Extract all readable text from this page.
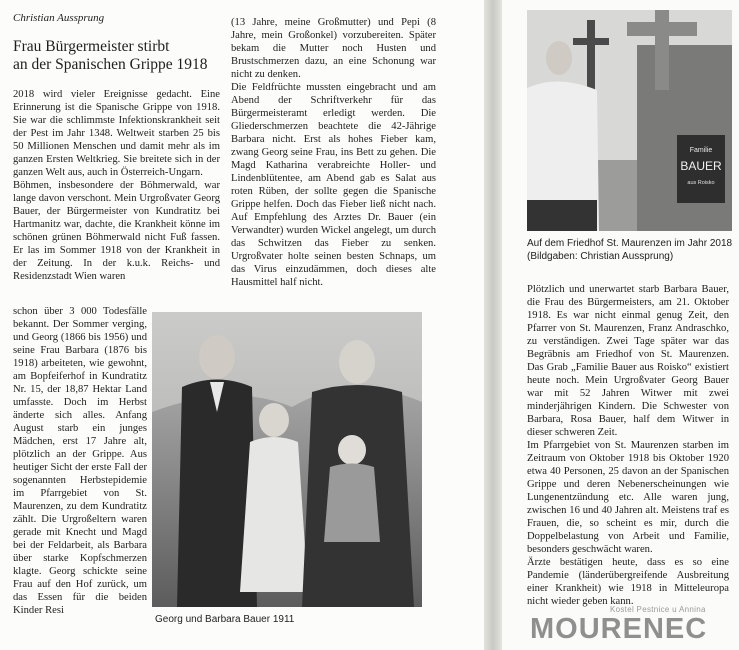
Christian Aussprung
Frau Bürgermeister stirbt
an der Spanischen Grippe 1918

2018 wird vieler Ereignisse gedacht. Eine Erinnerung ist die Spanische Grippe von 1918. Sie war die schlimmste Infektionskrankheit seit der Pest im Jahr 1348. Weltweit starben 25 bis 50 Millionen Menschen und damit mehr als im ganzen Ersten Weltkrieg. Sie breitete sich in der ganzen Welt aus, auch in Österreich-Ungarn.

Böhmen, insbesondere der Böhmerwald, war lange davon verschont. Mein Urgroßvater Georg Bauer, der Bürgermeister von Kundratitz bei Hartmanitz war, dachte, die Krankheit könne im schönen grünen Böhmerwald nicht Fuß fassen. Er las im Sommer 1918 von der Krankheit in der Zeitung. In der k.u.k. Reichs- und Residenzstadt Wien waren

schon über 3 000 Todesfälle bekannt. Der Sommer verging, und Georg (1866 bis 1956) und seine Frau Barbara (1876 bis 1918) arbeiteten, wie gewohnt, am Bopfeiferhof in Kundratitz Nr. 15, der 18,87 Hektar Land umfasste. Doch im Herbst änderte sich alles. Anfang August starb ein junges Mädchen, erst 17 Jahre alt, plötzlich an der Grippe. Aus heutiger Sicht der erste Fall der sogenannten Herbstepidemie im Pfarrgebiet von St. Maurenzen, zu dem Kundratitz zählt. Die Urgroßeltern waren gerade mit Knecht und Magd bei der Feldarbeit, als Barbara über starke Kopfschmerzen klagte. Georg schickte seine Frau auf den Hof zurück, um das Essen für die beiden Kinder Resi

(13 Jahre, meine Großmutter) und Pepi (8 Jahre, mein Großonkel) vorzubereiten. Später bekam die Mutter noch Husten und Brustschmerzen dazu, an eine Schonung war nicht zu denken.

Die Feldfrüchte mussten eingebracht und am Abend der Schriftverkehr für das Bürgermeisteramt erledigt werden. Die Gliederschmerzen beachtete die 42-Jährige Barbara nicht. Erst als hohes Fieber kam, zwang Georg seine Frau, ins Bett zu gehen. Die Magd Katharina verabreichte Holler- und Lindenblütentee, am Abend gab es Salat aus roten Rüben, der sollte gegen die Spanische Grippe helfen. Doch das Fieber ließ nicht nach. Auf Empfehlung des Arztes Dr. Bauer (ein Verwandter) wurden Wickel angelegt, um durch das Schwitzen das Fieber zu senken. Urgroßvater holte seinen besten Schnaps, um das Virus einzudämmen, doch dieses alte Hausmittel half nicht.

Plötzlich und unerwartet starb Barbara Bauer, die Frau des Bürgermeisters, am 21. Oktober 1918. Es war nicht einmal genug Zeit, den Pfarrer von St. Maurenzen, Franz Andraschko, zu verständigen. Zwei Tage später war das Begräbnis am Friedhof von St. Maurenzen. Das Grab „Familie Bauer aus Roisko“ existiert heute noch. Mein Urgroßvater Georg Bauer war mit 52 Jahren Witwer mit zwei minderjährigen Kindern. Die Schwester von Barbara, Rosa Bauer, half dem Witwer in dieser schweren Zeit.

Im Pfarrgebiet von St. Maurenzen starben im Zeitraum von Oktober 1918 bis Oktober 1920 etwa 40 Personen, 25 davon an der Spanischen Grippe und deren Nebenerscheinungen wie Lungenentzündung etc. Alle waren jung, zwischen 16 und 40 Jahren alt. Meistens traf es Frauen, die, so scheint es mir, durch die Doppelbelastung von Arbeit und Familie, besonders geschwächt waren.

Ärzte bestätigen heute, dass es so eine Pandemie (länderübergreifende Ausbreitung einer Krankheit) wie 1918 in Mitteleuropa nicht wieder geben kann.

Georg und Barbara Bauer 1911
Familie
BAUER
aus Roisko
Auf dem Friedhof St. Maurenzen im Jahr 2018 (Bildgaben: Christian Aussprung)
Kostel Pestnice u Annina
MOURENEC
